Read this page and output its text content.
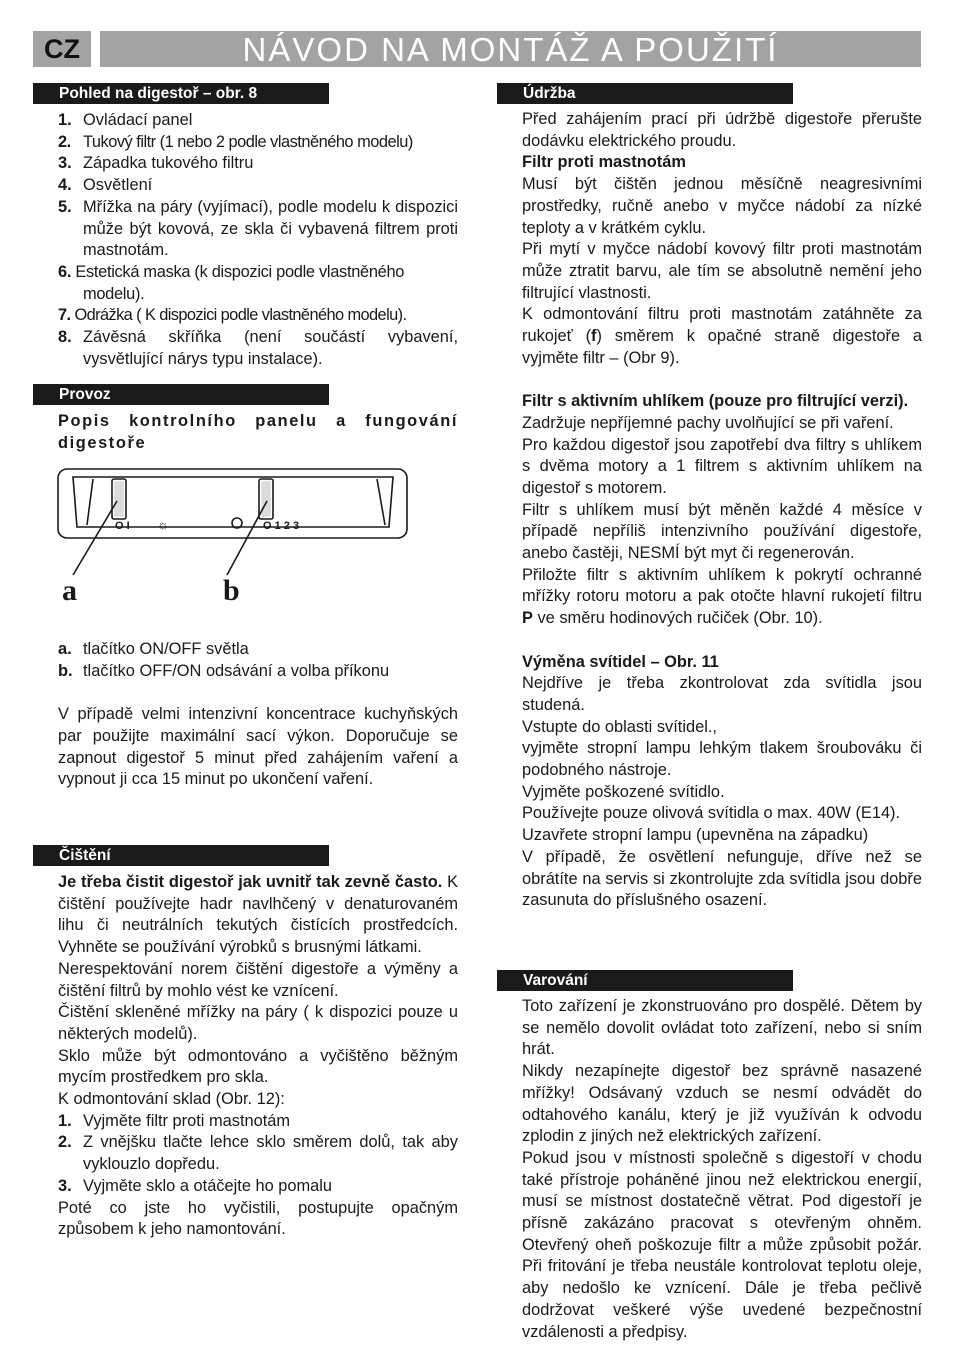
CZ	NÁVOD NA MONTÁŽ A POUŽITÍ
Pohled na digestoř – obr. 8
1. Ovládací panel
2. Tukový filtr (1 nebo 2 podle vlastněného modelu)
3. Západka tukového filtru
4. Osvětlení
5. Mřížka na páry (vyjímací), podle modelu k dispozici může být kovová, ze skla či vybavená filtrem proti mastnotám.
6. Estetická maska (k dispozici podle vlastněného modelu).
7. Odrážka ( K dispozici podle vlastněného modelu).
8. Závěsná skříňka (není součástí vybavení, vysvětlující nárys typu instalace).
Provoz

Popis kontrolního panelu a fungování digestoře

O I ☼	O 1 2 3
a	b
a. tlačítko ON/OFF světla
b. tlačítko OFF/ON odsávání a volba příkonu

V případě velmi intenzivní koncentrace kuchyňských par použijte maximální sací výkon. Doporučuje se zapnout digestoř 5 minut před zahájením vaření a vypnout ji cca 15 minut po ukončení vaření.

Čištění

Je třeba čistit digestoř jak uvnitř tak zevně často. K čištění používejte hadr navlhčený v denaturovaném lihu či neutrálních tekutých čistících prostředcích. Vyhněte se používání výrobků s brusnými látkami.

Nerespektování norem čištění digestoře a výměny a čištění filtrů by mohlo vést ke vznícení.

Čištění skleněné mřížky na páry ( k dispozici pouze u některých modelů).

Sklo může být odmontováno a vyčištěno běžným mycím prostředkem pro skla.

K odmontování sklad (Obr. 12):

1. Vyjměte filtr proti mastnotám
2. Z vnějšku tlačte lehce sklo směrem dolů, tak aby vyklouzlo dopředu.
3. Vyjměte sklo a otáčejte ho pomalu

Poté co jste ho vyčistili, postupujte opačným způsobem k jeho namontování.

Údržba

Před zahájením prací při údržbě digestoře přerušte dodávku elektrického proudu.

Filtr proti mastnotám

Musí být čištěn jednou měsíčně neagresivními prostředky, ručně anebo v myčce nádobí za nízké teploty a v krátkém cyklu.

Při mytí v myčce nádobí kovový filtr proti mastnotám může ztratit barvu, ale tím se absolutně nemění jeho filtrující vlastnosti.

K odmontování filtru proti mastnotám zatáhněte za rukojeť (f) směrem k opačné straně digestoře a vyjměte filtr – (Obr 9).

Filtr s aktivním uhlíkem (pouze pro filtrující verzi).

Zadržuje nepříjemné pachy uvolňující se při vaření.

Pro každou digestoř jsou zapotřebí dva filtry s uhlíkem s dvěma motory a 1 filtrem s aktivním uhlíkem na digestoř s motorem.

Filtr s uhlíkem musí být měněn každé 4 měsíce v případě nepříliš intenzivního používání digestoře, anebo častěji, NESMÍ být myt či regenerován.

Přiložte filtr s aktivním uhlíkem k pokrytí ochranné mřížky rotoru motoru a pak otočte hlavní rukojetí filtru P ve směru hodinových ručiček (Obr. 10).

Výměna svítidel – Obr. 11

Nejdříve je třeba zkontrolovat zda svítidla jsou studená.

Vstupte do oblasti svítidel.,

vyjměte stropní lampu lehkým tlakem šroubováku či podobného nástroje.

Vyjměte poškozené svítidlo.

Používejte pouze olivová svítidla o max. 40W (E14).

Uzavřete stropní lampu (upevněna na západku)

V případě, že osvětlení nefunguje, dříve než se obrátíte na servis si zkontrolujte zda svítidla jsou dobře zasunuta do příslušného osazení.

Varování

Toto zařízení je zkonstruováno pro dospělé. Dětem by se nemělo dovolit ovládat toto zařízení, nebo si sním hrát.

Nikdy nezapínejte digestoř bez správně nasazené mřížky! Odsávaný vzduch se nesmí odvádět do odtahového kanálu, který je již využíván k odvodu zplodin z jiných než elektrických zařízení.

Pokud jsou v místnosti společně s digestoří v chodu také přístroje poháněné jinou než elektrickou energií, musí se místnost dostatečně větrat. Pod digestoří je přísně zakázáno pracovat s otevřeným ohněm. Otevřený oheň poškozuje filtr a může způsobit požár. Při fritování je třeba neustále kontrolovat teplotu oleje, aby nedošlo ke vznícení. Dále je třeba pečlivě dodržovat veškeré výše uvedené bezpečnostní vzdálenosti a předpisy.
